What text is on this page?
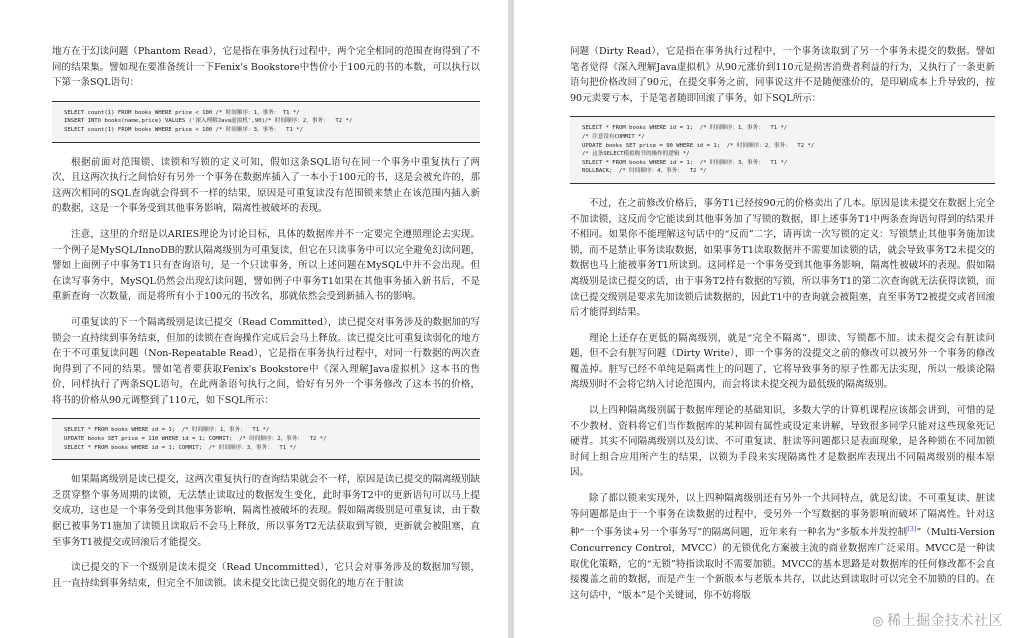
地方在于幻读问题（Phantom Read），它是指在事务执行过程中，两个完全相同的范围查询得到了不同的结果集。譬如现在要准备统计一下Fenix's Bookstore中售价小于100元的书的本数，可以执行以下第一条SQL语句：

SELECT count(1) FROM books WHERE price < 100 /* 时间顺序：1，事务： T1 */
INSERT INTO books(name,price) VALUES ('深入理解Java虚拟机',90)/* 时间顺序：2，事务：  T2 */
SELECT count(1) FROM books WHERE price < 100 /* 时间顺序：3，事务：  T1 */

根据前面对范围锁、读锁和写锁的定义可知，假如这条SQL语句在同一个事务中重复执行了两次，且这两次执行之间恰好有另外一个事务在数据库插入了一本小于100元的书，这是会被允许的，那这两次相同的SQL查询就会得到不一样的结果，原因是可重复读没有范围锁来禁止在该范围内插入新的数据，这是一个事务受到其他事务影响，隔离性被破坏的表现。

注意，这里的介绍是以ARIES理论为讨论目标，具体的数据库并不一定要完全遵照理论去实现。一个例子是MySQL/InnoDB的默认隔离级别为可重复读，但它在只读事务中可以完全避免幻读问题，譬如上面例子中事务T1只有查询语句，是一个只读事务，所以上述问题在MySQL中并不会出现。但在读写事务中，MySQL仍然会出现幻读问题，譬如例子中事务T1如果在其他事务插入新书后，不是重新查询一次数量，而是将所有小于100元的书改名，那就依然会受到新插入书的影响。

可重复读的下一个隔离级别是读已提交（Read Committed），读已提交对事务涉及的数据加的写锁会一直持续到事务结束，但加的读锁在查询操作完成后会马上释放。读已提交比可重复读弱化的地方在于不可重复读问题（Non-Repeatable Read），它是指在事务执行过程中，对同一行数据的两次查询得到了不同的结果。譬如笔者要获取Fenix's Bookstore中《深入理解Java虚拟机》这本书的售价，同样执行了两条SQL语句，在此两条语句执行之间，恰好有另外一个事务修改了这本书的价格，将书的价格从90元调整到了110元，如下SQL所示：

SELECT * FROM books WHERE id = 1;  /* 时间顺序：1，事务：  T1 */
UPDATE books SET price = 110 WHERE id = 1; COMMIT;  /* 时间顺序：2，事务：  T2 */
SELECT * FROM books WHERE id = 1; COMMIT;  /* 时间顺序：3，事务：  T1 */

如果隔离级别是读已提交，这两次重复执行的查询结果就会不一样，原因是读已提交的隔离级别缺乏贯穿整个事务周期的读锁，无法禁止读取过的数据发生变化，此时事务T2中的更新语句可以马上提交成功，这也是一个事务受到其他事务影响，隔离性被破坏的表现。假如隔离级别是可重复读，由于数据已被事务T1施加了读锁且读取后不会马上释放，所以事务T2无法获取到写锁，更新就会被阻塞，直至事务T1被提交或回滚后才能提交。

读已提交的下一个级别是读未提交（Read Uncommitted），它只会对事务涉及的数据加写锁，且一直持续到事务结束，但完全不加读锁。读未提交比读已提交弱化的地方在于脏读

问题（Dirty Read），它是指在事务执行过程中，一个事务读取到了另一个事务未提交的数据。譬如笔者觉得《深入理解Java虚拟机》从90元涨价到110元是损害消费者利益的行为，又执行了一条更新语句把价格改回了90元，在提交事务之前，同事说这并不是随便涨价的，是印刷成本上升导致的，按90元卖要亏本，于是笔者随即回滚了事务，如下SQL所示：

SELECT * FROM books WHERE id = 1;  /* 时间顺序：1，事务：  T1 */
/* 注意没有COMMIT */
UPDATE books SET price = 90 WHERE id = 1;  /* 时间顺序：2，事务：  T2 */
/* 这条SELECT模拟购书的操作的逻辑 */
SELECT * FROM books WHERE id = 1;  /* 时间顺序：3，事务：  T1 */
ROLLBACK;  /* 时间顺序：4，事务：  T2 */

不过，在之前修改价格后，事务T1已经按90元的价格卖出了几本。原因是读未提交在数据上完全不加读锁，这反而令它能读到其他事务加了写锁的数据，即上述事务T1中两条查询语句得到的结果并不相同。如果你不能理解这句话中的“反而”二字，请再读一次写锁的定义：写锁禁止其他事务施加读锁，而不是禁止事务读取数据，如果事务T1读取数据并不需要加读锁的话，就会导致事务T2未提交的数据也马上能被事务T1所读到。这同样是一个事务受到其他事务影响，隔离性被破坏的表现。假如隔离级别是读已提交的话，由于事务T2持有数据的写锁，所以事务T1的第二次查询就无法获得读锁，而读已提交级别是要求先加读锁后读数据的，因此T1中的查询就会被阻塞，直至事务T2被提交或者回滚后才能得到结果。

理论上还存在更低的隔离级别，就是“完全不隔离”，即读、写锁都不加。读未提交会有脏读问题，但不会有脏写问题（Dirty Write），即一个事务的没提交之前的修改可以被另外一个事务的修改覆盖掉。脏写已经不单纯是隔离性上的问题了，它将导致事务的原子性都无法实现，所以一般谈论隔离级别时不会将它纳入讨论范围内，而会将读未提交视为最低级的隔离级别。

以上四种隔离级别属于数据库理论的基础知识，多数大学的计算机课程应该都会讲到，可惜的是不少教材、资料将它们当作数据库的某种固有属性或设定来讲解，导致很多同学只能对这些现象死记硬背。其实不同隔离级别以及幻读、不可重复读、脏读等问题都只是表面现象，是各种锁在不同加锁时间上组合应用所产生的结果，以锁为手段来实现隔离性才是数据库表现出不同隔离级别的根本原因。

除了都以锁来实现外，以上四种隔离级别还有另外一个共同特点，就是幻读、不可重复读、脏读等问题都是由于一个事务在读数据的过程中，受另外一个写数据的事务影响而破坏了隔离性。针对这种“一个事务读+另一个事务写”的隔离问题，近年来有一种名为“多版本并发控制[3]”（Multi-Version Concurrency Control，MVCC）的无锁优化方案被主流的商业数据库广泛采用。MVCC是一种读取优化策略，它的“无锁”特指读取时不需要加锁。MVCC的基本思路是对数据库的任何修改都不会直接覆盖之前的数据，而是产生一个新版本与老版本共存，以此达到读取时可以完全不加锁的目的。在这句话中，“版本”是个关键词，你不妨将版

◎ 稀土掘金技术社区
